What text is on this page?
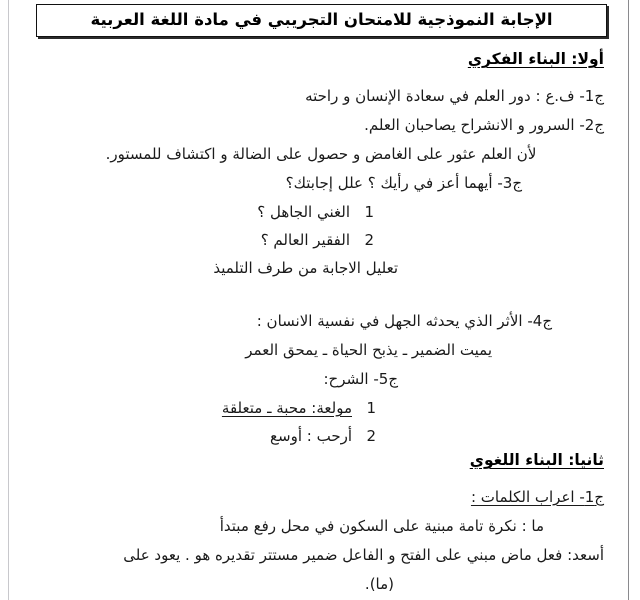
الإجابة النموذجية للامتحان التجريبي في مادة اللغة العربية
أولا: البناء الفكري
ج1- ف.ع : دور العلم في سعادة الإنسان و راحته
ج2- السرور و الانشراح يصاحبان العلم.
لأن العلم عثور على الغامض و حصول على الضالة و اكتشاف للمستور.
ج3- أيهما أعز في رأيك ؟ علل إجابتك؟
1
الغني الجاهل ؟
2
الفقير العالم ؟
تعليل الاجابة من طرف التلميذ
ج4- الأثر الذي يحدثه الجهل في نفسية الانسان :
يميت الضمير ـ يذبح الحياة ـ يمحق العمر
ج5- الشرح:
1
مولعة: محبة ـ متعلقة
2
أرحب : أوسع
ثانيا: البناء اللغوي
ج1- اعراب الكلمات :
ما : نكرة تامة مبنية على السكون في محل رفع مبتدأ
أسعد: فعل ماض مبني على الفتح و الفاعل ضمير مستتر تقديره هو . يعود على
(ما).
